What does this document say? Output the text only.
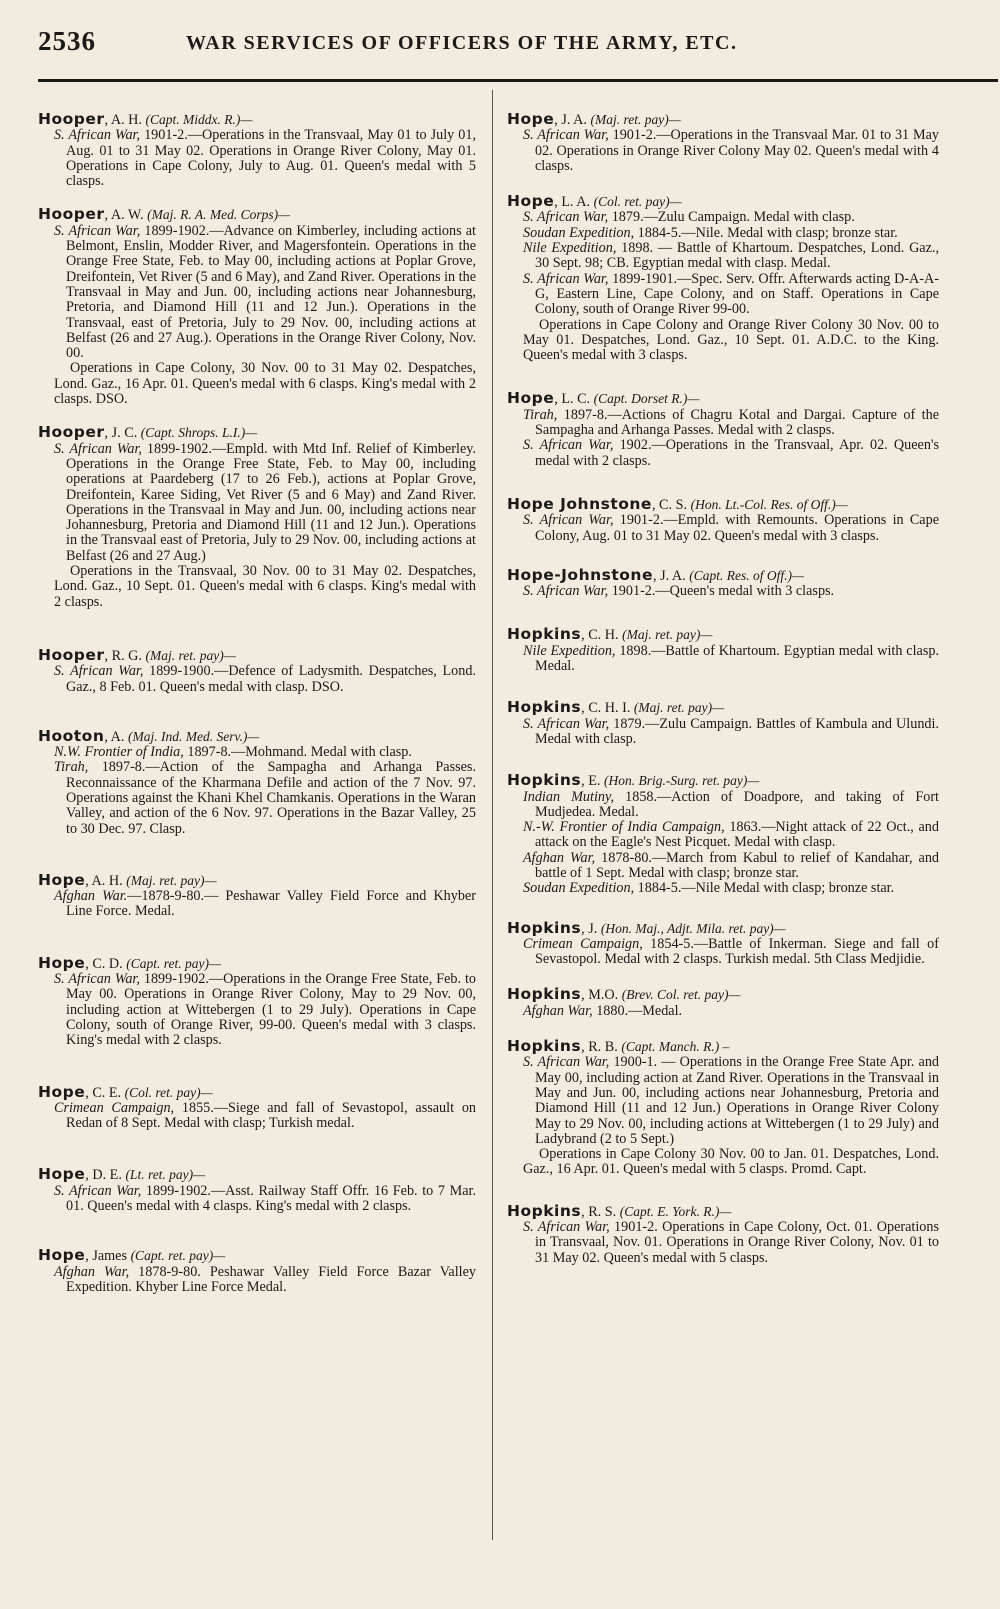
2536	WAR SERVICES OF OFFICERS OF THE ARMY, ETC.
Hooper, A. H. (Capt. Middx. R.)—

S. African War, 1901-2.—Operations in the Transvaal, May 01 to July 01, Aug. 01 to 31 May 02. Operations in Orange River Colony, May 01. Operations in Cape Colony, July to Aug. 01. Queen's medal with 5 clasps.

Hooper, A. W. (Maj. R. A. Med. Corps)—

S. African War, 1899-1902.—Advance on Kimberley, including actions at Belmont, Enslin, Modder River, and Magersfontein. Operations in the Orange Free State, Feb. to May 00, including actions at Poplar Grove, Dreifontein, Vet River (5 and 6 May), and Zand River. Operations in the Transvaal in May and Jun. 00, including actions near Johannesburg, Pretoria, and Diamond Hill (11 and 12 Jun.). Operations in the Transvaal, east of Pretoria, July to 29 Nov. 00, including actions at Belfast (26 and 27 Aug.). Operations in the Orange River Colony, Nov. 00.

Operations in Cape Colony, 30 Nov. 00 to 31 May 02. Despatches, Lond. Gaz., 16 Apr. 01. Queen's medal with 6 clasps. King's medal with 2 clasps. DSO.

Hooper, J. C. (Capt. Shrops. L.I.)—

S. African War, 1899-1902.—Empld. with Mtd Inf. Relief of Kimberley. Operations in the Orange Free State, Feb. to May 00, including operations at Paardeberg (17 to 26 Feb.), actions at Poplar Grove, Dreifontein, Karee Siding, Vet River (5 and 6 May) and Zand River. Operations in the Transvaal in May and Jun. 00, including actions near Johannesburg, Pretoria and Diamond Hill (11 and 12 Jun.). Operations in the Transvaal east of Pretoria, July to 29 Nov. 00, including actions at Belfast (26 and 27 Aug.)

Operations in the Transvaal, 30 Nov. 00 to 31 May 02. Despatches, Lond. Gaz., 10 Sept. 01. Queen's medal with 6 clasps. King's medal with 2 clasps.

Hooper, R. G. (Maj. ret. pay)—

S. African War, 1899-1900.—Defence of Ladysmith. Despatches, Lond. Gaz., 8 Feb. 01. Queen's medal with clasp. DSO.

Hooton, A. (Maj. Ind. Med. Serv.)—

N.W. Frontier of India, 1897-8.—Mohmand. Medal with clasp.

Tirah, 1897-8.—Action of the Sampagha and Arhanga Passes. Reconnaissance of the Kharmana Defile and action of the 7 Nov. 97. Operations against the Khani Khel Chamkanis. Operations in the Waran Valley, and action of the 6 Nov. 97. Operations in the Bazar Valley, 25 to 30 Dec. 97. Clasp.

Hope, A. H. (Maj. ret. pay)—

Afghan War.—1878-9-80.— Peshawar Valley Field Force and Khyber Line Force. Medal.

Hope, C. D. (Capt. ret. pay)—

S. African War, 1899-1902.—Operations in the Orange Free State, Feb. to May 00. Operations in Orange River Colony, May to 29 Nov. 00, including action at Wittebergen (1 to 29 July). Operations in Cape Colony, south of Orange River, 99-00. Queen's medal with 3 clasps. King's medal with 2 clasps.

Hope, C. E. (Col. ret. pay)—

Crimean Campaign, 1855.—Siege and fall of Sevastopol, assault on Redan of 8 Sept. Medal with clasp; Turkish medal.

Hope, D. E. (Lt. ret. pay)—

S. African War, 1899-1902.—Asst. Railway Staff Offr. 16 Feb. to 7 Mar. 01. Queen's medal with 4 clasps. King's medal with 2 clasps.

Hope, James (Capt. ret. pay)—

Afghan War, 1878-9-80. Peshawar Valley Field Force Bazar Valley Expedition. Khyber Line Force Medal.

Hope, J. A. (Maj. ret. pay)—

S. African War, 1901-2.—Operations in the Transvaal Mar. 01 to 31 May 02. Operations in Orange River Colony May 02. Queen's medal with 4 clasps.

Hope, L. A. (Col. ret. pay)—

S. African War, 1879.—Zulu Campaign. Medal with clasp.

Soudan Expedition, 1884-5.—Nile. Medal with clasp; bronze star.

Nile Expedition, 1898. — Battle of Khartoum. Despatches, Lond. Gaz., 30 Sept. 98; CB. Egyptian medal with clasp. Medal.

S. African War, 1899-1901.—Spec. Serv. Offr. Afterwards acting D-A-A-G, Eastern Line, Cape Colony, and on Staff. Operations in Cape Colony, south of Orange River 99-00.

Operations in Cape Colony and Orange River Colony 30 Nov. 00 to May 01. Despatches, Lond. Gaz., 10 Sept. 01. A.D.C. to the King. Queen's medal with 3 clasps.

Hope, L. C. (Capt. Dorset R.)—

Tirah, 1897-8.—Actions of Chagru Kotal and Dargai. Capture of the Sampagha and Arhanga Passes. Medal with 2 clasps.

S. African War, 1902.—Operations in the Transvaal, Apr. 02. Queen's medal with 2 clasps.

Hope Johnstone, C. S. (Hon. Lt.-Col. Res. of Off.)—

S. African War, 1901-2.—Empld. with Remounts. Operations in Cape Colony, Aug. 01 to 31 May 02. Queen's medal with 3 clasps.

Hope-Johnstone, J. A. (Capt. Res. of Off.)—

S. African War, 1901-2.—Queen's medal with 3 clasps.

Hopkins, C. H. (Maj. ret. pay)—

Nile Expedition, 1898.—Battle of Khartoum. Egyptian medal with clasp. Medal.

Hopkins, C. H. I. (Maj. ret. pay)—

S. African War, 1879.—Zulu Campaign. Battles of Kambula and Ulundi. Medal with clasp.

Hopkins, E. (Hon. Brig.-Surg. ret. pay)—

Indian Mutiny, 1858.—Action of Doadpore, and taking of Fort Mudjedea. Medal.

N.-W. Frontier of India Campaign, 1863.—Night attack of 22 Oct., and attack on the Eagle's Nest Picquet. Medal with clasp.

Afghan War, 1878-80.—March from Kabul to relief of Kandahar, and battle of 1 Sept. Medal with clasp; bronze star.

Soudan Expedition, 1884-5.—Nile Medal with clasp; bronze star.

Hopkins, J. (Hon. Maj., Adjt. Mila. ret. pay)—

Crimean Campaign, 1854-5.—Battle of Inkerman. Siege and fall of Sevastopol. Medal with 2 clasps. Turkish medal. 5th Class Medjidie.

Hopkins, M.O. (Brev. Col. ret. pay)—

Afghan War, 1880.—Medal.

Hopkins, R. B. (Capt. Manch. R.) –

S. African War, 1900-1. — Operations in the Orange Free State Apr. and May 00, including action at Zand River. Operations in the Transvaal in May and Jun. 00, including actions near Johannesburg, Pretoria and Diamond Hill (11 and 12 Jun.) Operations in Orange River Colony May to 29 Nov. 00, including actions at Wittebergen (1 to 29 July) and Ladybrand (2 to 5 Sept.)

Operations in Cape Colony 30 Nov. 00 to Jan. 01. Despatches, Lond. Gaz., 16 Apr. 01. Queen's medal with 5 clasps. Promd. Capt.

Hopkins, R. S. (Capt. E. York. R.)—

S. African War, 1901-2. Operations in Cape Colony, Oct. 01. Operations in Transvaal, Nov. 01. Operations in Orange River Colony, Nov. 01 to 31 May 02. Queen's medal with 5 clasps.
